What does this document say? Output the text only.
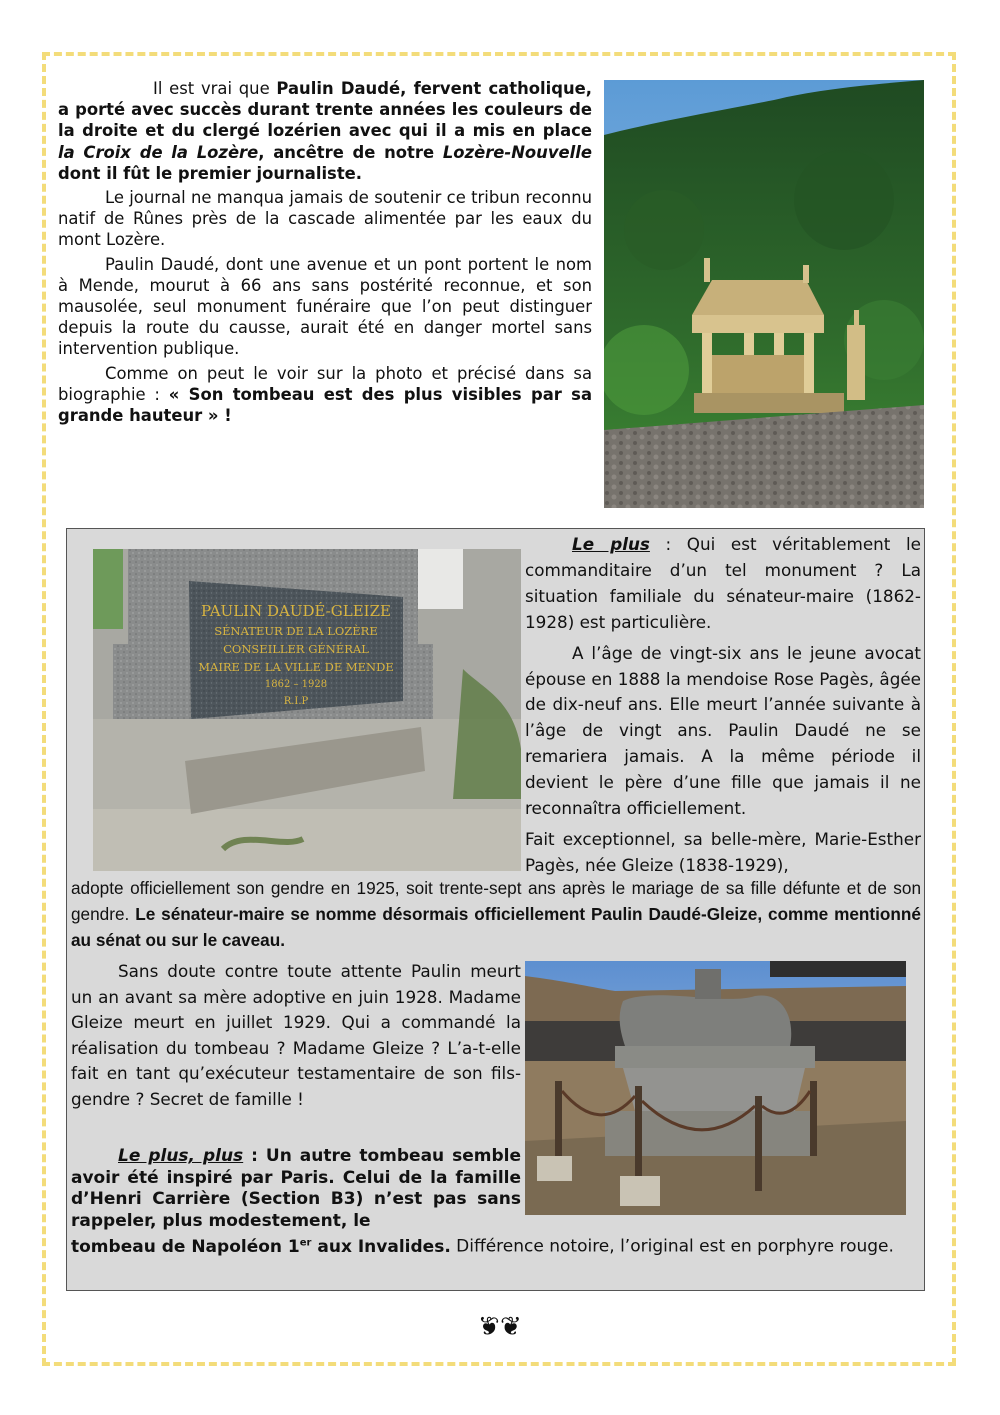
Il est vrai que Paulin Daudé, fervent catholique, a porté avec succès durant trente années les couleurs de la droite et du clergé lozérien avec qui il a mis en place la Croix de la Lozère, ancêtre de notre Lozère-Nouvelle dont il fût le premier journaliste.

Le journal ne manqua jamais de soutenir ce tribun reconnu natif de Rûnes près de la cascade alimentée par les eaux du mont Lozère.

Paulin Daudé, dont une avenue et un pont portent le nom à Mende, mourut à 66 ans sans postérité reconnue, et son mausolée, seul monument funéraire que l’on peut distinguer depuis la route du causse, aurait été en danger mortel sans intervention publique.

Comme on peut le voir sur la photo et précisé dans sa biographie : « Son tombeau est des plus visibles par sa grande hauteur » !

PAULIN DAUDÉ-GLEIZE
SÉNATEUR DE LA LOZÈRE
CONSEILLER GÉNÉRAL
MAIRE DE LA VILLE DE MENDE
1862 – 1928
R.I.P

Le plus : Qui est véritablement le commanditaire d’un tel monument ? La situation familiale du sénateur-maire (1862-1928) est particulière.

A l’âge de vingt-six ans le jeune avocat épouse en 1888 la mendoise Rose Pagès, âgée de dix-neuf ans. Elle meurt l’année suivante à l’âge de vingt ans. Paulin Daudé ne se remariera jamais. A la même période il devient le père d’une fille que jamais il ne reconnaîtra officiellement.

Fait exceptionnel, sa belle-mère, Marie-Esther Pagès, née Gleize (1838-1929),

adopte officiellement son gendre en 1925, soit trente-sept ans après le mariage de sa fille défunte et de son gendre. Le sénateur-maire se nomme désormais officiellement Paulin Daudé-Gleize, comme mentionné au sénat ou sur le caveau.

Sans doute contre toute attente Paulin meurt un an avant sa mère adoptive en juin 1928. Madame Gleize meurt en juillet 1929. Qui a commandé la réalisation du tombeau ? Madame Gleize ? L’a-t-elle fait en tant qu’exécuteur testamentaire de son fils-gendre ? Secret de famille !

Le plus, plus : Un autre tombeau semble avoir été inspiré par Paris. Celui de la famille d’Henri Carrière (Section B3) n’est pas sans rappeler, plus modestement, le

tombeau de Napoléon 1er aux Invalides. Différence notoire, l’original est en porphyre rouge.

❦❦
